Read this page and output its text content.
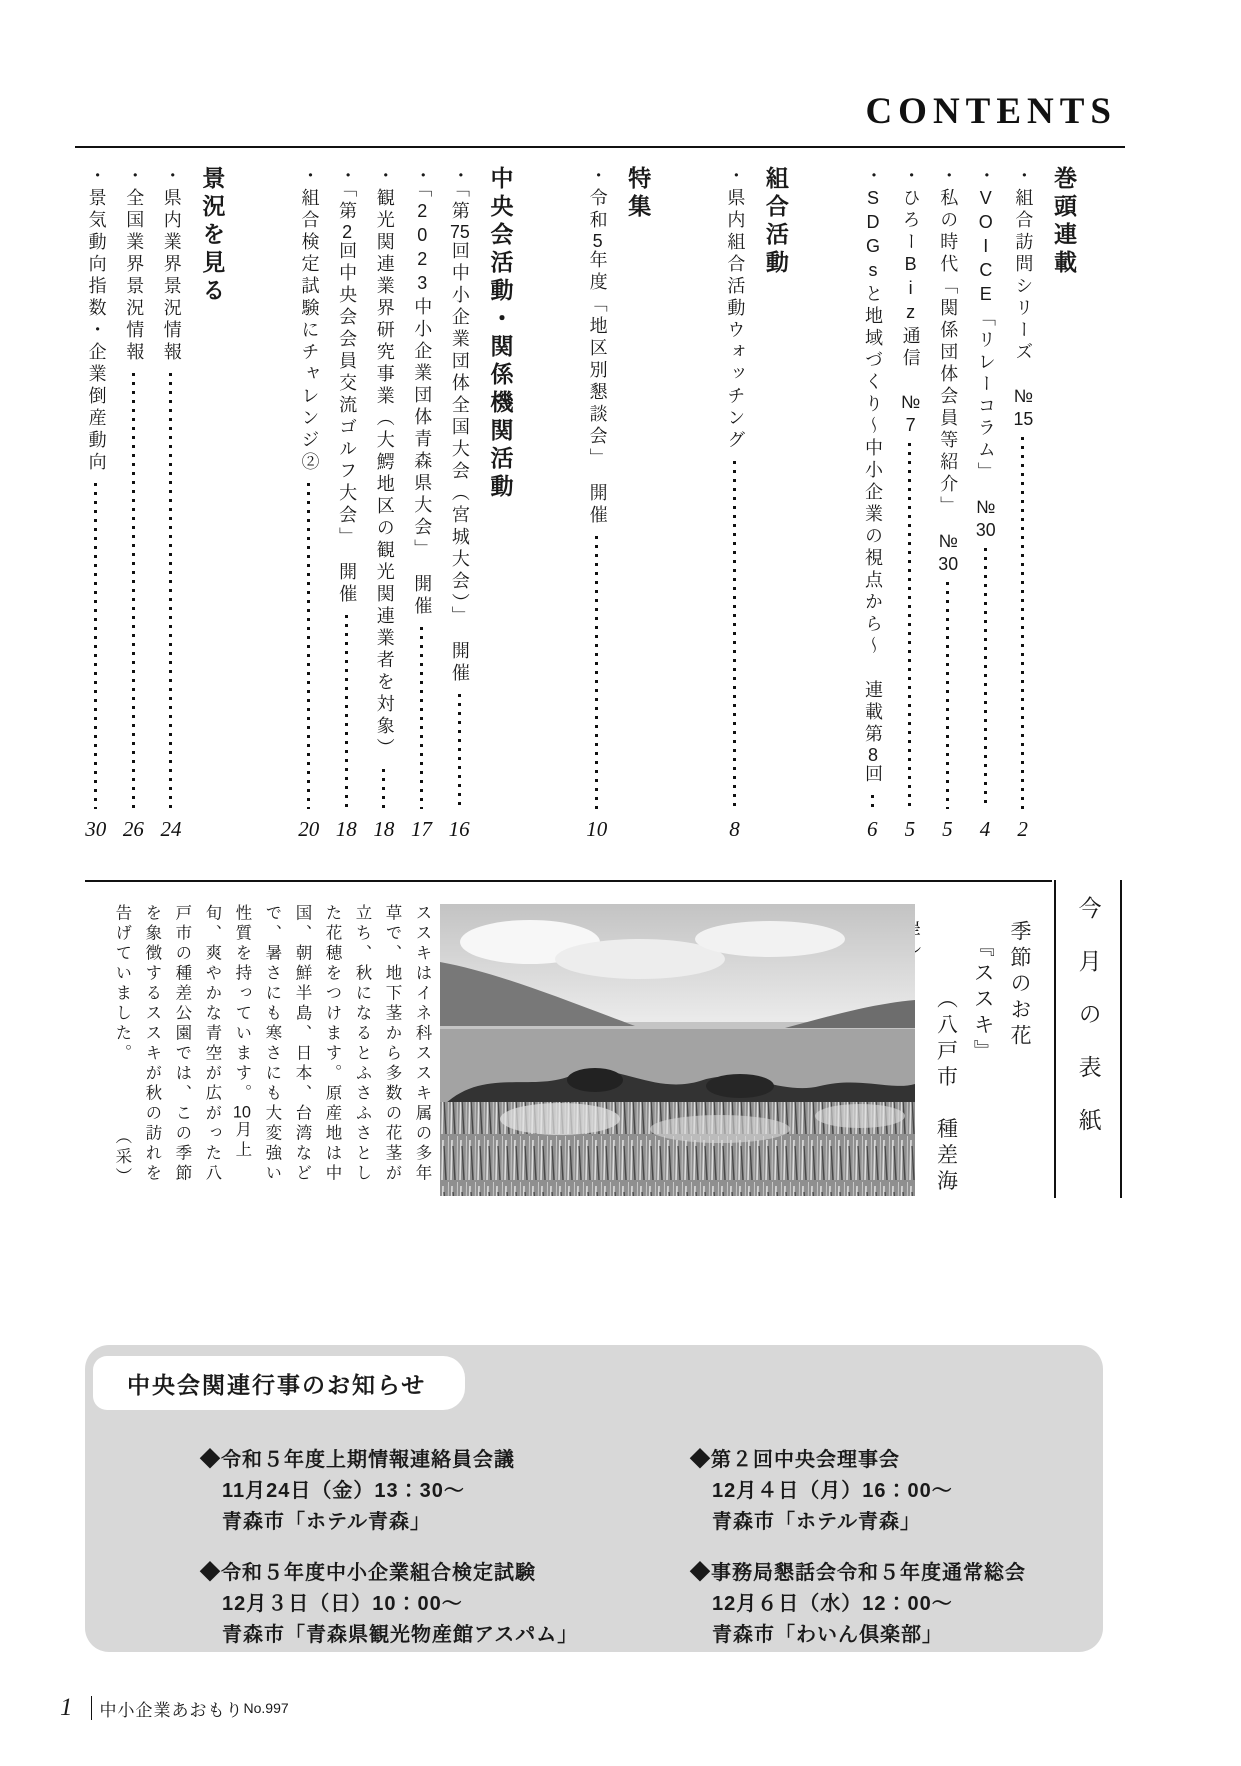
CONTENTS
巻頭連載
・組合訪問シリーズ　№15
2
・VOICE「リレーコラム」　№30
4
・私の時代「関係団体会員等紹介」　№30
5
・ひろーBiz通信　№7
5
・SDGsと地域づくり～中小企業の視点から～　連載第8回
6
組合活動
・県内組合活動ウォッチング
8
特集
・令和5年度「地区別懇談会」　開催
10
中央会活動・関係機関活動
・「第75回中小企業団体全国大会（宮城大会）」　開催
16
・「2023中小企業団体青森県大会」　開催
17
・観光関連業界研究事業（大鰐地区の観光関連業者を対象）
18
・「第2回中央会会員交流ゴルフ大会」　開催
18
・組合検定試験にチャレンジ②
20
景況を見る
・県内業界景況情報
24
・全国業界景況情報
26
・景気動向指数・企業倒産動向
30
今月の表紙
季節のお花
　『ススキ』
　　　（八戸市　種差海
ススキはイネ科ススキ属の多年草で、地下茎から多数の花茎が立ち、秋になるとふさふさとした花穂をつけます。原産地は中国、朝鮮半島、日本、台湾などで、暑さにも寒さにも大変強い性質を持っています。10月上旬、爽やかな青空が広がった八戸市の種差公園では、この季節を象徴するススキが秋の訪れを告げていました。　　　　（采）
中央会関連行事のお知らせ
◆令和５年度上期情報連絡員会議
11月24日（金）13：30～
青森市「ホテル青森」
◆令和５年度中小企業組合検定試験
12月３日（日）10：00～
青森市「青森県観光物産館アスパム」
◆第２回中央会理事会
12月４日（月）16：00～
青森市「ホテル青森」
◆事務局懇話会令和５年度通常総会
12月６日（水）12：00～
青森市「わいん倶楽部」
1 中小企業あおもり No.997
